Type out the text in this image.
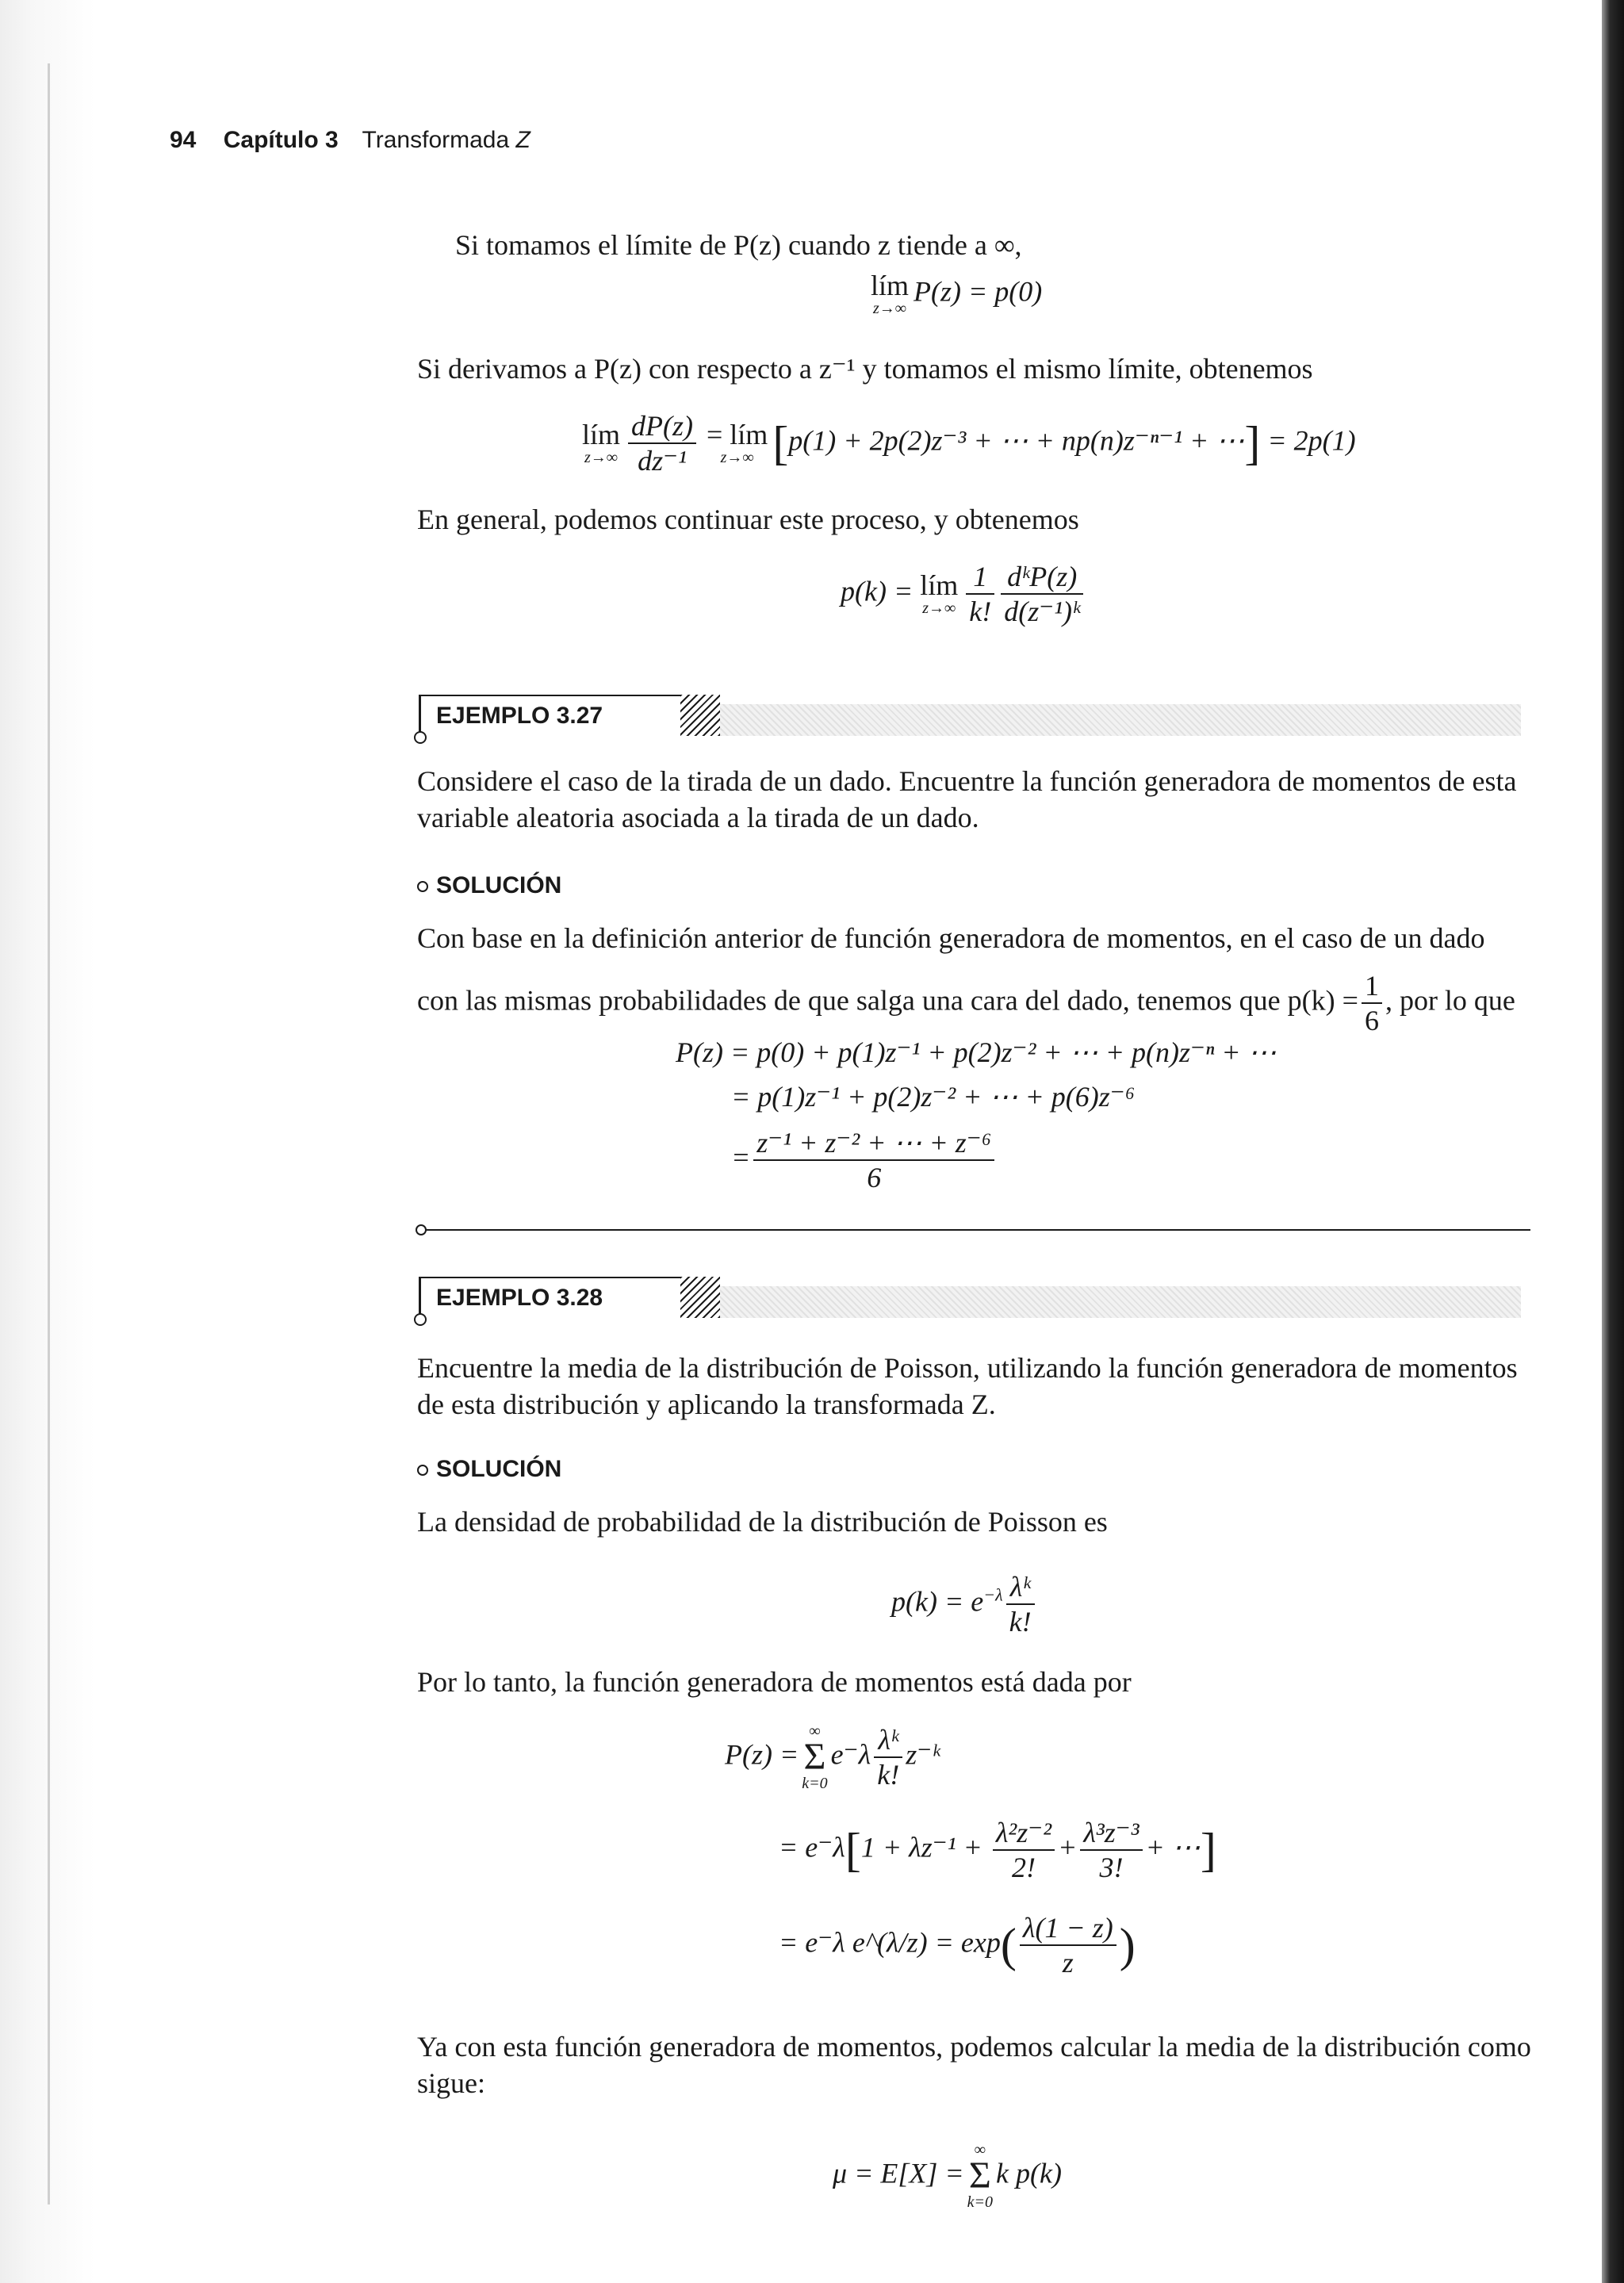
94 Capítulo 3 Transformada Z
Si tomamos el límite de P(z) cuando z tiende a ∞,
lím
z→∞
P(z) = p(0)
Si derivamos a P(z) con respecto a z⁻¹ y tomamos el mismo límite, obtenemos
lím
$z\to\infty \frac{dP(z)}{\text{dz⁻¹}}$
= lím
z→∞ [p(1) + 2p(2)z⁻³ + ⋯ + np(n)z⁻ⁿ⁻¹ + ⋯] = 2p(1)
En general, podemos continuar este proceso, y obtenemos
p(k) = lím
$z\to\infty \frac{1}{k!} \frac{\text{dᵏP(z)}}{\text{d(z⁻¹)ᵏ}}$
EJEMPLO 3.27
Considere el caso de la tirada de un dado. Encuentre la función generadora de momentos de esta variable aleatoria asociada a la tirada de un dado.
SOLUCIÓN
Con base en la definición anterior de función generadora de momentos, en el caso de un dado
con las mismas probabilidades de que salga una cara del dado, tenemos que $p(k) = \frac{1}{6}$ , por lo que
P(z) = p(0) + p(1)z⁻¹ + p(2)z⁻² + ⋯ + p(n)z⁻ⁿ + ⋯
= p(1)z⁻¹ + p(2)z⁻² + ⋯ + p(6)z⁻⁶
= $\frac{\text{z⁻¹ + z⁻² + ⋯ + z⁻⁶}}{6}$
EJEMPLO 3.28
Encuentre la media de la distribución de Poisson, utilizando la función generadora de momentos de esta distribución y aplicando la transformada Z.
SOLUCIÓN
La densidad de probabilidad de la distribución de Poisson es
$p(k) = e^{-\lambda} \frac{\text{λᵏ}}{k!}$
Por lo tanto, la función generadora de momentos está dada por
P(z) =
∞
Σ
k=0
$e^-\lambda \frac{\text{λᵏ}}{k!}$ z⁻ᵏ
= $e^-\lambda[1 + \lambda z^{-1} + \frac{\text{λ²z⁻²}}{2!} + \frac{\text{λ³z⁻³}}{3!}$ + ⋯]
= e⁻λ e^(λ/z) = $\exp( \frac{\lambda(1 - z)}{z}$ )
Ya con esta función generadora de momentos, podemos calcular la media de la distribución como sigue:
μ = E[X] =
∞
Σ
k=0
k p(k)
